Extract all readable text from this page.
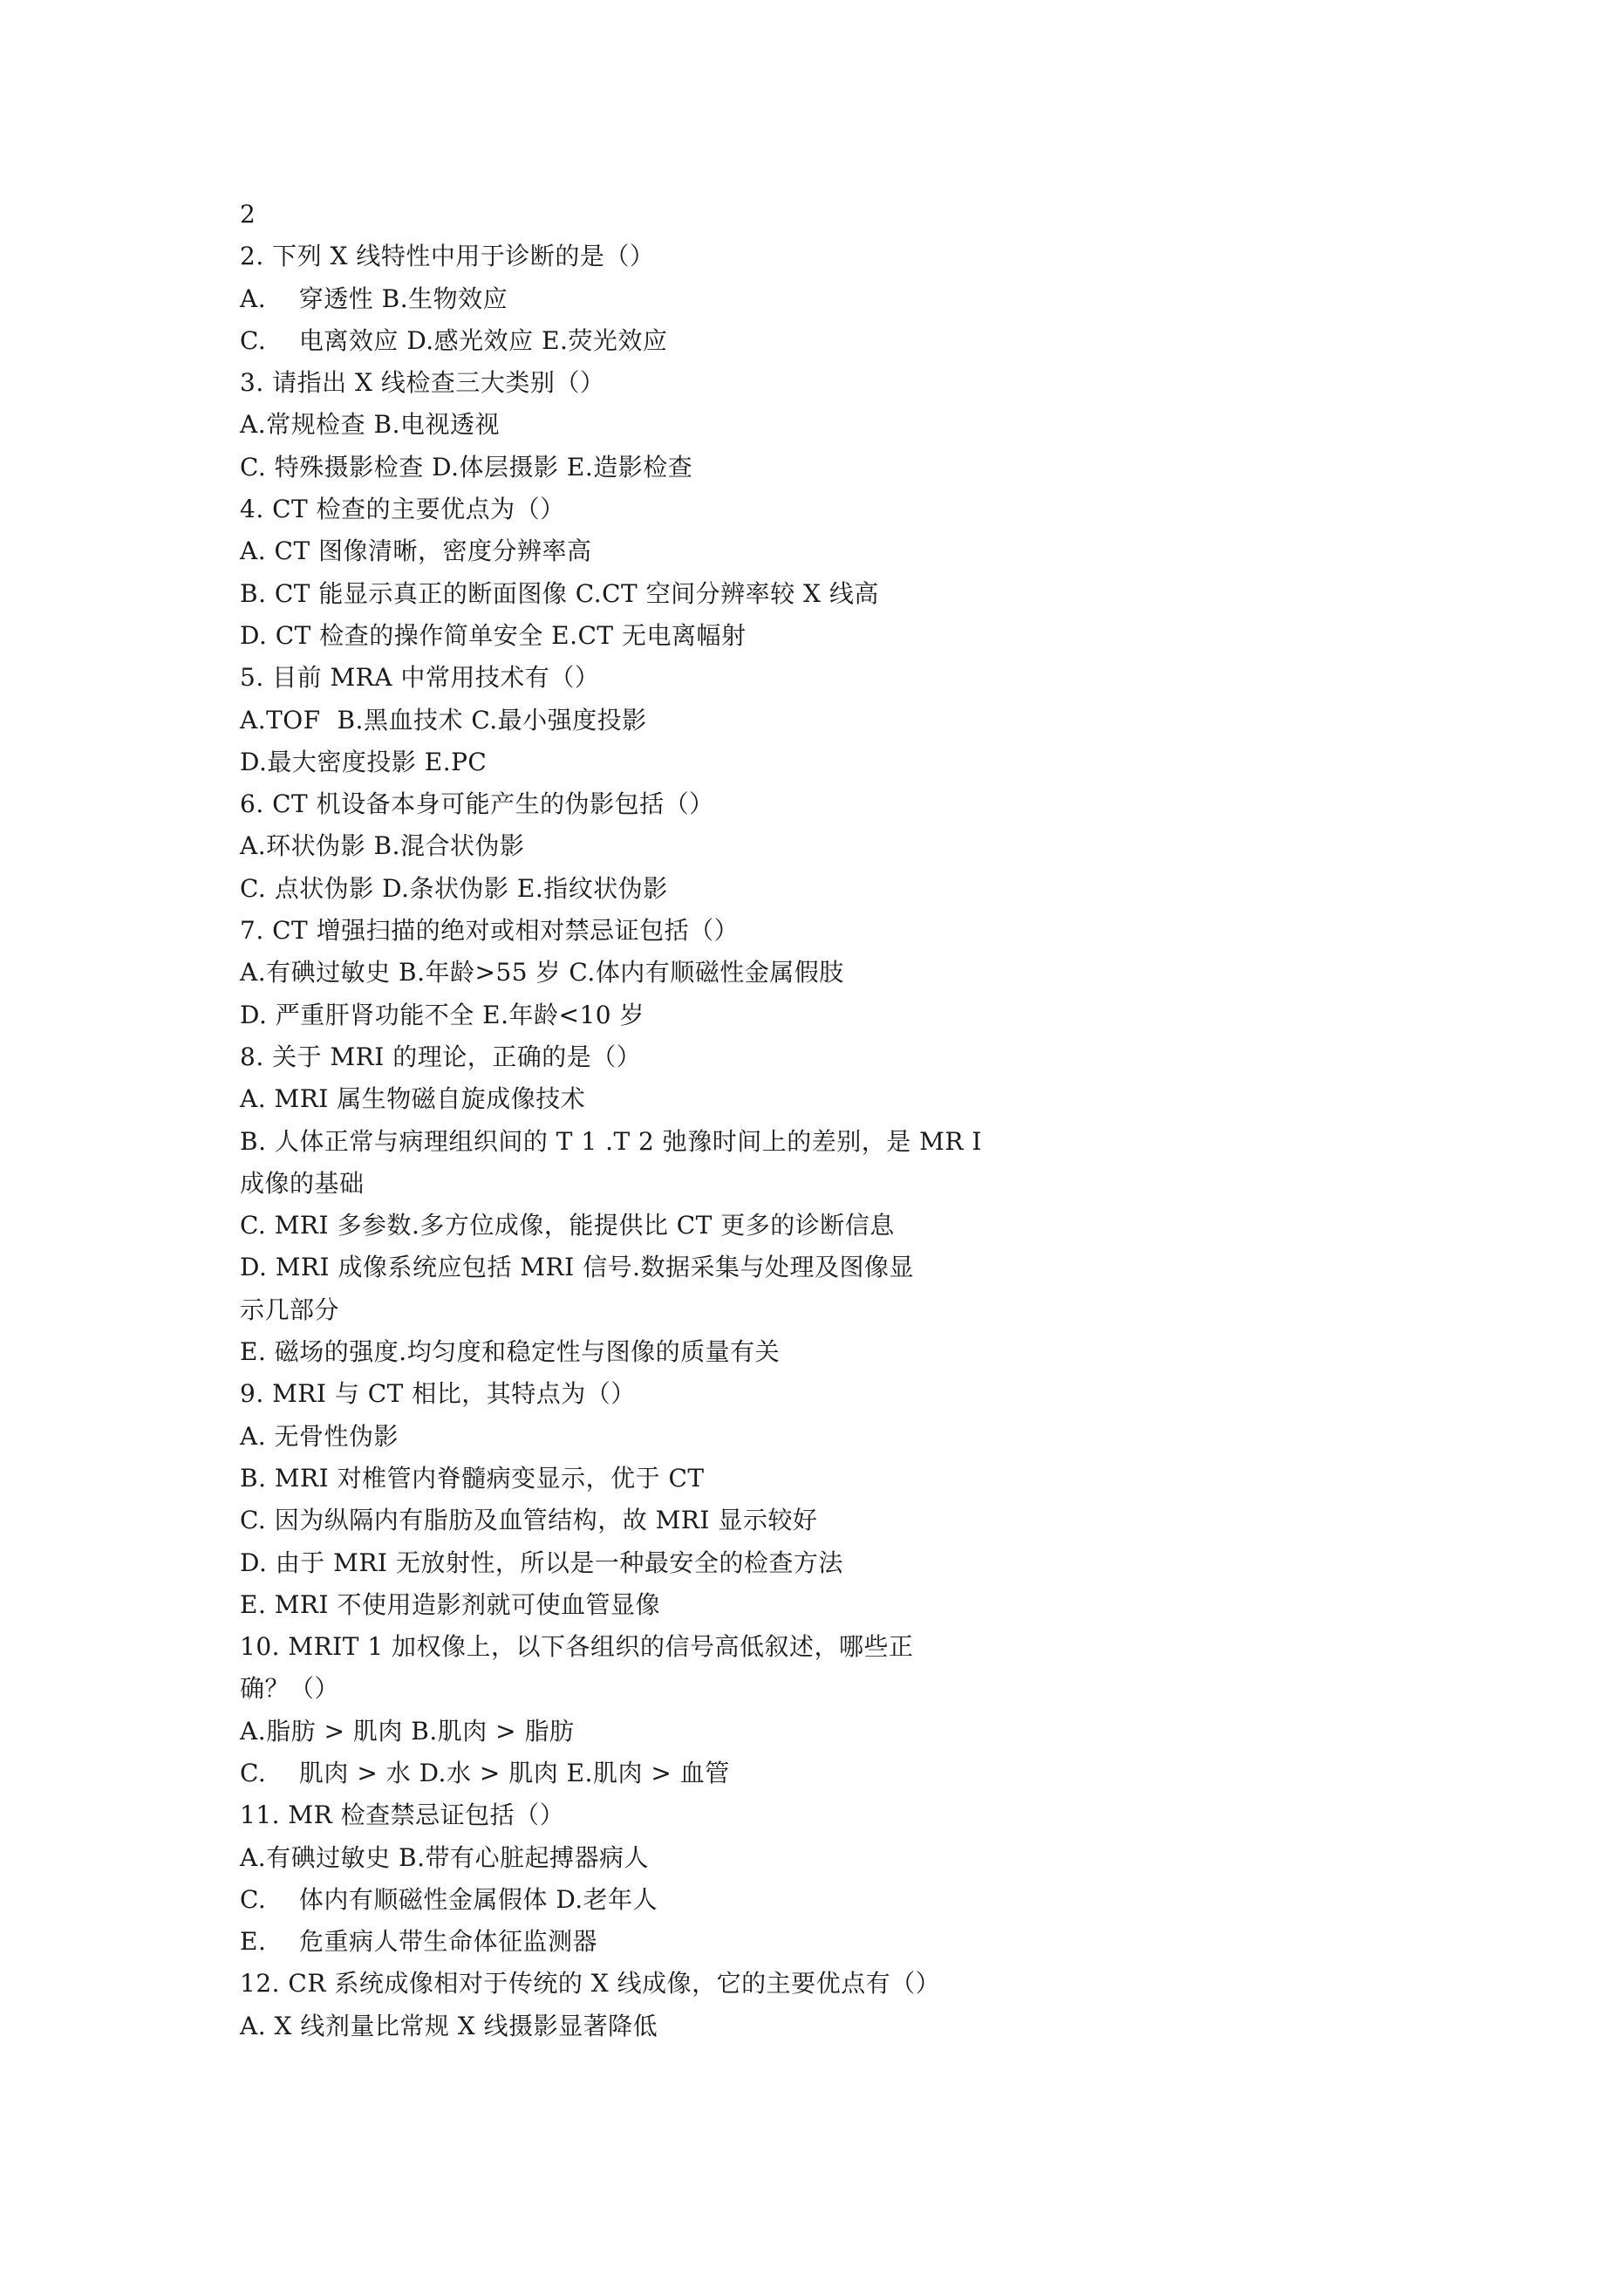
2
2. 下列 X 线特性中用于诊断的是（）
A.    穿透性 B.生物效应
C.    电离效应 D.感光效应 E.荧光效应
3. 请指出 X 线检查三大类别（）
A.常规检查 B.电视透视
C. 特殊摄影检查 D.体层摄影 E.造影检查
4. CT 检查的主要优点为（）
A. CT 图像清晰，密度分辨率高
B. CT 能显示真正的断面图像 C.CT 空间分辨率较 X 线高
D. CT 检查的操作简单安全 E.CT 无电离幅射
5. 目前 MRA 中常用技术有（）
A.TOF  B.黑血技术 C.最小强度投影
D.最大密度投影 E.PC
6. CT 机设备本身可能产生的伪影包括（）
A.环状伪影 B.混合状伪影
C. 点状伪影 D.条状伪影 E.指纹状伪影
7. CT 增强扫描的绝对或相对禁忌证包括（）
A.有碘过敏史 B.年龄>55 岁 C.体内有顺磁性金属假肢
D. 严重肝肾功能不全 E.年龄<10 岁
8. 关于 MRI 的理论，正确的是（）
A. MRI 属生物磁自旋成像技术
B. 人体正常与病理组织间的 T 1 .T 2 弛豫时间上的差别，是 MR I
成像的基础
C. MRI 多参数.多方位成像，能提供比 CT 更多的诊断信息
D. MRI 成像系统应包括 MRI 信号.数据采集与处理及图像显
示几部分
E. 磁场的强度.均匀度和稳定性与图像的质量有关
9. MRI 与 CT 相比，其特点为（）
A. 无骨性伪影
B. MRI 对椎管内脊髓病变显示，优于 CT
C. 因为纵隔内有脂肪及血管结构，故 MRI 显示较好
D. 由于 MRI 无放射性，所以是一种最安全的检查方法
E. MRI 不使用造影剂就可使血管显像
10. MRIT 1 加权像上，以下各组织的信号高低叙述，哪些正
确？（）
A.脂肪 > 肌肉 B.肌肉 > 脂肪
C.    肌肉 > 水 D.水 > 肌肉 E.肌肉 > 血管
11. MR 检查禁忌证包括（）
A.有碘过敏史 B.带有心脏起搏器病人
C.    体内有顺磁性金属假体 D.老年人
E.    危重病人带生命体征监测器
12. CR 系统成像相对于传统的 X 线成像，它的主要优点有（）
A. X 线剂量比常规 X 线摄影显著降低
